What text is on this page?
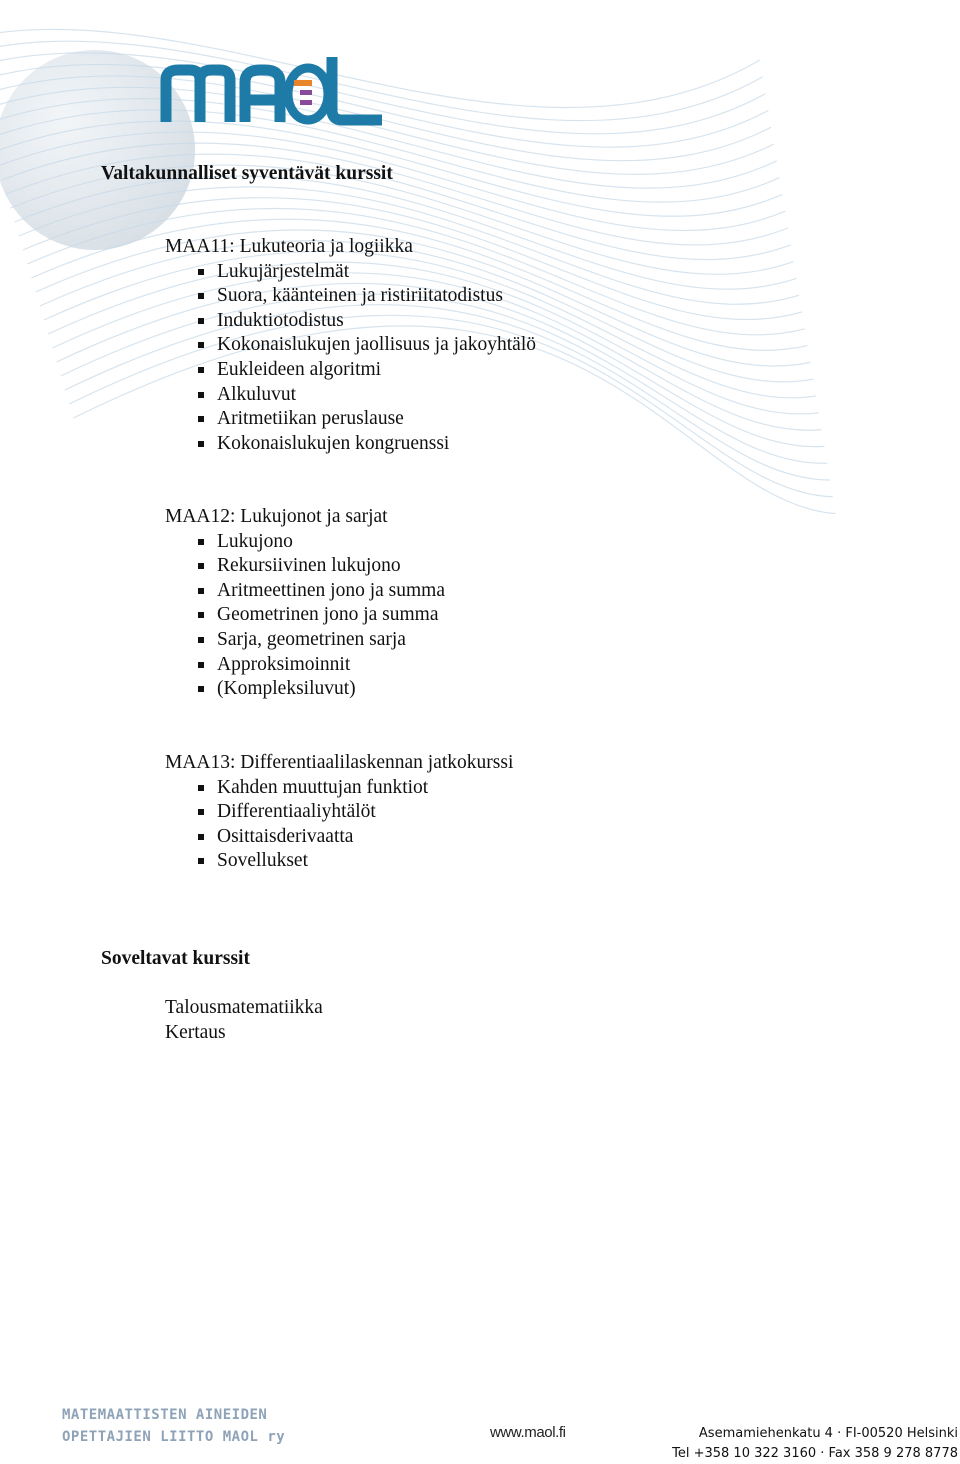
MAOL
Valtakunnalliset syventävät kurssit

MAA11: Lukuteoria ja logiikka

Lukujärjestelmät
Suora, käänteinen ja ristiriitatodistus
Induktiotodistus
Kokonaislukujen jaollisuus ja jakoyhtälö
Eukleideen algoritmi
Alkuluvut
Aritmetiikan peruslause
Kokonaislukujen kongruenssi

MAA12: Lukujonot ja sarjat

Lukujono
Rekursiivinen lukujono
Aritmeettinen jono ja summa
Geometrinen jono ja summa
Sarja, geometrinen sarja
Approksimoinnit
(Kompleksiluvut)

MAA13: Differentiaalilaskennan jatkokurssi

Kahden muuttujan funktiot
Differentiaaliyhtälöt
Osittaisderivaatta
Sovellukset
Soveltavat kurssit

Talousmatematiikka

Kertaus

MATEMAATTISTEN AINEIDEN
OPETTAJIEN LIITTO MAOL ry	www.maol.fi	Asemamiehenkatu 4 · FI-00520 Helsinki
Tel +358 10 322 3160 · Fax 358 9 278 8778
